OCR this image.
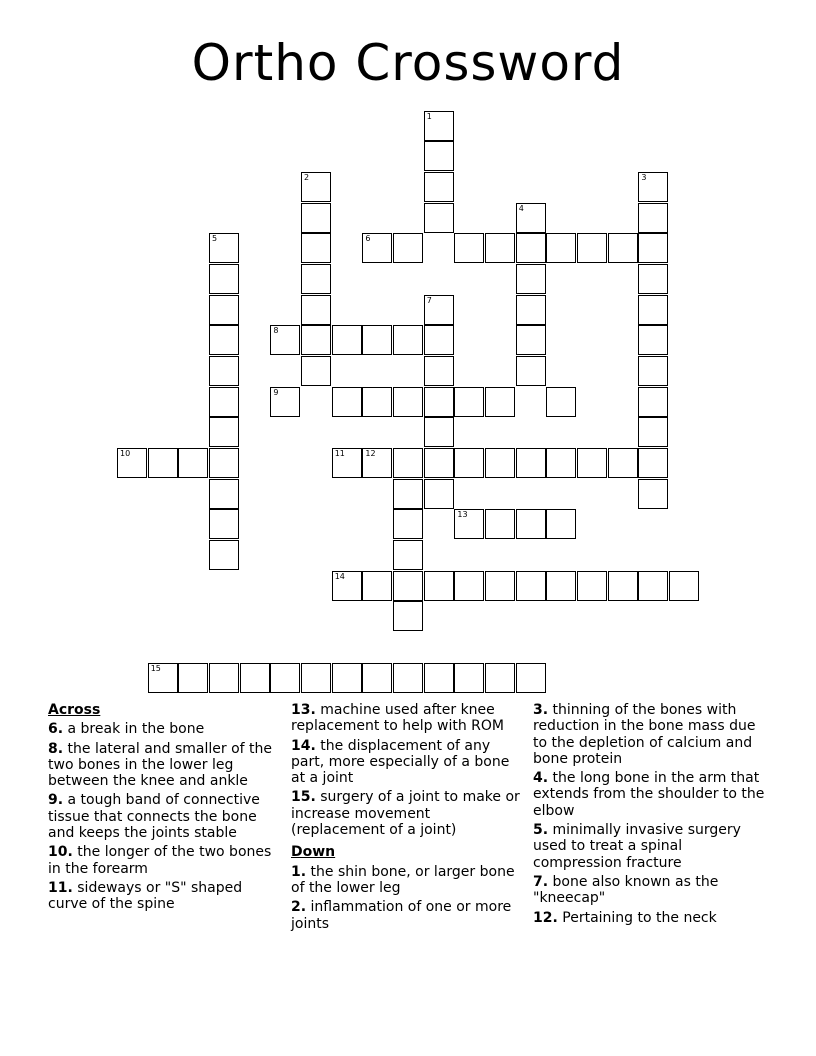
Ortho Crossword
1
2	3
4
5	6
7
8
9
10	11	12
13
14
15
Across
6. a break in the bone
8. the lateral and smaller of the two bones in the lower leg between the knee and ankle
9. a tough band of connective tissue that connects the bone and keeps the joints stable
10. the longer of the two bones in the forearm
11. sideways or "S" shaped curve of the spine
13. machine used after knee replacement to help with ROM
14. the displacement of any part, more especially of a bone at a joint
15. surgery of a joint to make or increase movement (replacement of a joint)
Down
1. the shin bone, or larger bone of the lower leg
2. inflammation of one or more joints
3. thinning of the bones with reduction in the bone mass due to the depletion of calcium and bone protein
4. the long bone in the arm that extends from the shoulder to the elbow
5. minimally invasive surgery used to treat a spinal compression fracture
7. bone also known as the "kneecap"
12. Pertaining to the neck
